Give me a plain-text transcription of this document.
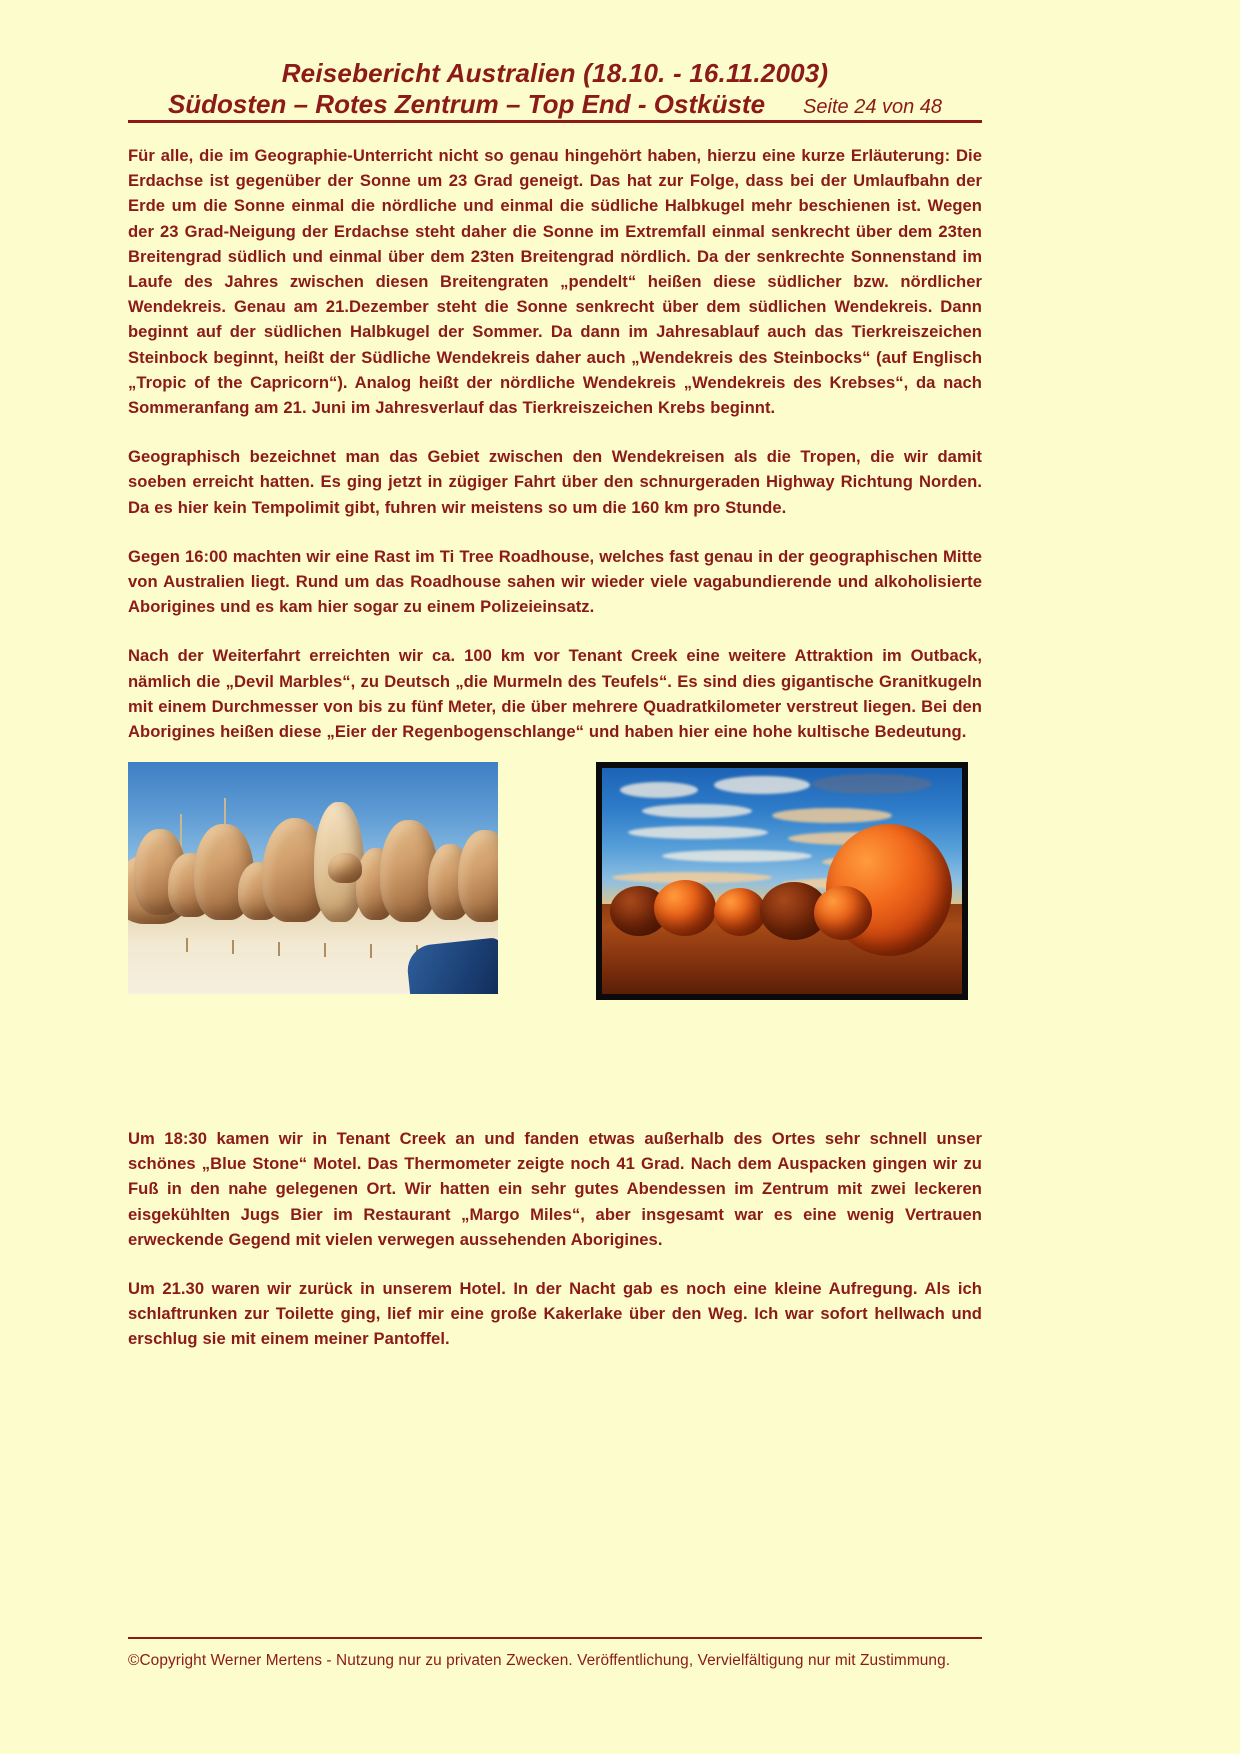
Reisebericht Australien (18.10. - 16.11.2003)
Südosten – Rotes Zentrum – Top End - Ostküste Seite 24 von 48

Für alle, die im Geographie-Unterricht nicht so genau hingehört haben, hierzu eine kurze Erläuterung: Die Erdachse ist gegenüber der Sonne um 23 Grad geneigt. Das hat zur Folge, dass bei der Umlaufbahn der Erde um die Sonne einmal die nördliche und einmal die südliche Halbkugel mehr beschienen ist. Wegen der 23 Grad-Neigung der Erdachse steht daher die Sonne im Extremfall einmal senkrecht über dem 23ten Breitengrad südlich und einmal über dem 23ten Breitengrad nördlich. Da der senkrechte Sonnenstand im Laufe des Jahres zwischen diesen Breitengraten „pendelt“ heißen diese südlicher bzw. nördlicher Wendekreis. Genau am 21.Dezember steht die Sonne senkrecht über dem südlichen Wendekreis. Dann beginnt auf der südlichen Halbkugel der Sommer. Da dann im Jahresablauf auch das Tierkreiszeichen Steinbock beginnt, heißt der Südliche Wendekreis daher auch „Wendekreis des Steinbocks“ (auf Englisch „Tropic of the Capricorn“). Analog heißt der nördliche Wendekreis „Wendekreis des Krebses“, da nach Sommeranfang am 21. Juni im Jahresverlauf das Tierkreiszeichen Krebs beginnt.

Geographisch bezeichnet man das Gebiet zwischen den Wendekreisen als die Tropen, die wir damit soeben erreicht hatten. Es ging jetzt in zügiger Fahrt über den schnurgeraden Highway Richtung Norden. Da es hier kein Tempolimit gibt, fuhren wir meistens so um die 160 km pro Stunde.

Gegen 16:00 machten wir eine Rast im Ti Tree Roadhouse, welches fast genau in der geographischen Mitte von Australien liegt. Rund um das Roadhouse sahen wir wieder viele vagabundierende und alkoholisierte Aborigines und es kam hier sogar zu einem Polizeieinsatz.

Nach der Weiterfahrt erreichten wir ca. 100 km vor Tenant Creek eine weitere Attraktion im Outback, nämlich die „Devil Marbles“, zu Deutsch „die Murmeln des Teufels“. Es sind dies gigantische Granitkugeln mit einem Durchmesser von bis zu fünf Meter, die über mehrere Quadratkilometer verstreut liegen. Bei den Aborigines heißen diese „Eier der Regenbogenschlange“ und haben hier eine hohe kultische Bedeutung.

Um 18:30 kamen wir in Tenant Creek an und fanden etwas außerhalb des Ortes sehr schnell unser schönes „Blue Stone“ Motel. Das Thermometer zeigte noch 41 Grad. Nach dem Auspacken gingen wir zu Fuß in den nahe gelegenen Ort. Wir hatten ein sehr gutes Abendessen im Zentrum mit zwei leckeren eisgekühlten Jugs Bier im Restaurant „Margo Miles“, aber insgesamt war es eine wenig Vertrauen erweckende Gegend mit vielen verwegen aussehenden Aborigines.

Um 21.30 waren wir zurück in unserem Hotel. In der Nacht gab es noch eine kleine Aufregung. Als ich schlaftrunken zur Toilette ging, lief mir eine große Kakerlake über den Weg. Ich war sofort hellwach und erschlug sie mit einem meiner Pantoffel.

©Copyright Werner Mertens - Nutzung nur zu privaten Zwecken. Veröffentlichung, Vervielfältigung nur mit Zustimmung.
